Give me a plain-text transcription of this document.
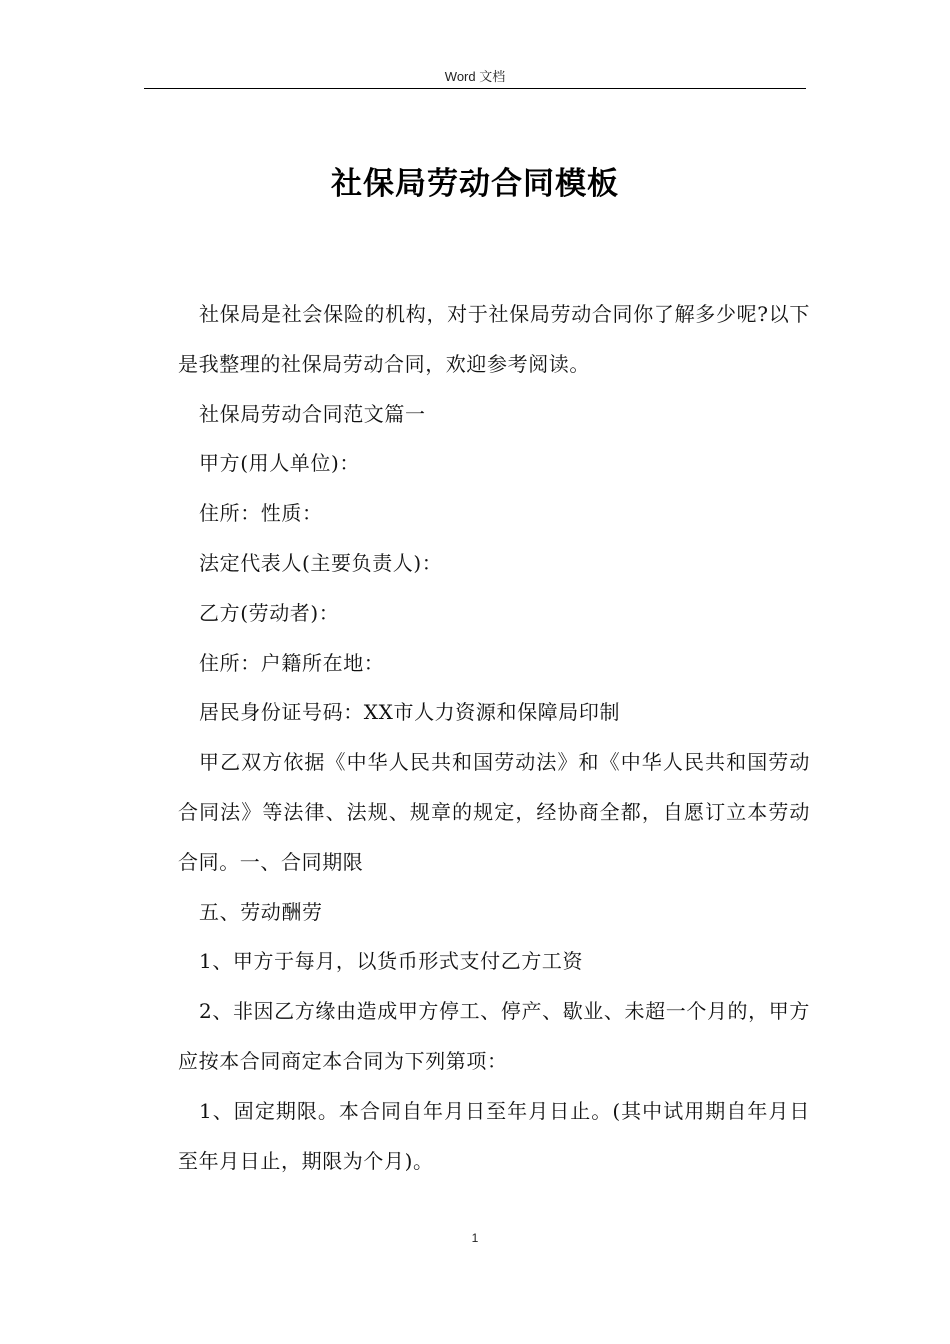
Word 文档
社保局劳动合同模板

社保局是社会保险的机构，对于社保局劳动合同你了解多少呢?以下是我整理的社保局劳动合同，欢迎参考阅读。

社保局劳动合同范文篇一

甲方(用人单位)：

住所：性质：

法定代表人(主要负责人)：

乙方(劳动者)：

住所：户籍所在地：

居民身份证号码：XX市人力资源和保障局印制

甲乙双方依据《中华人民共和国劳动法》和《中华人民共和国劳动合同法》等法律、法规、规章的规定，经协商全都，自愿订立本劳动合同。一、合同期限

五、劳动酬劳

1、甲方于每月，以货币形式支付乙方工资

2、非因乙方缘由造成甲方停工、停产、歇业、未超一个月的，甲方应按本合同商定本合同为下列第项：

1、固定期限。本合同自年月日至年月日止。(其中试用期自年月日至年月日止，期限为个月)。

1
